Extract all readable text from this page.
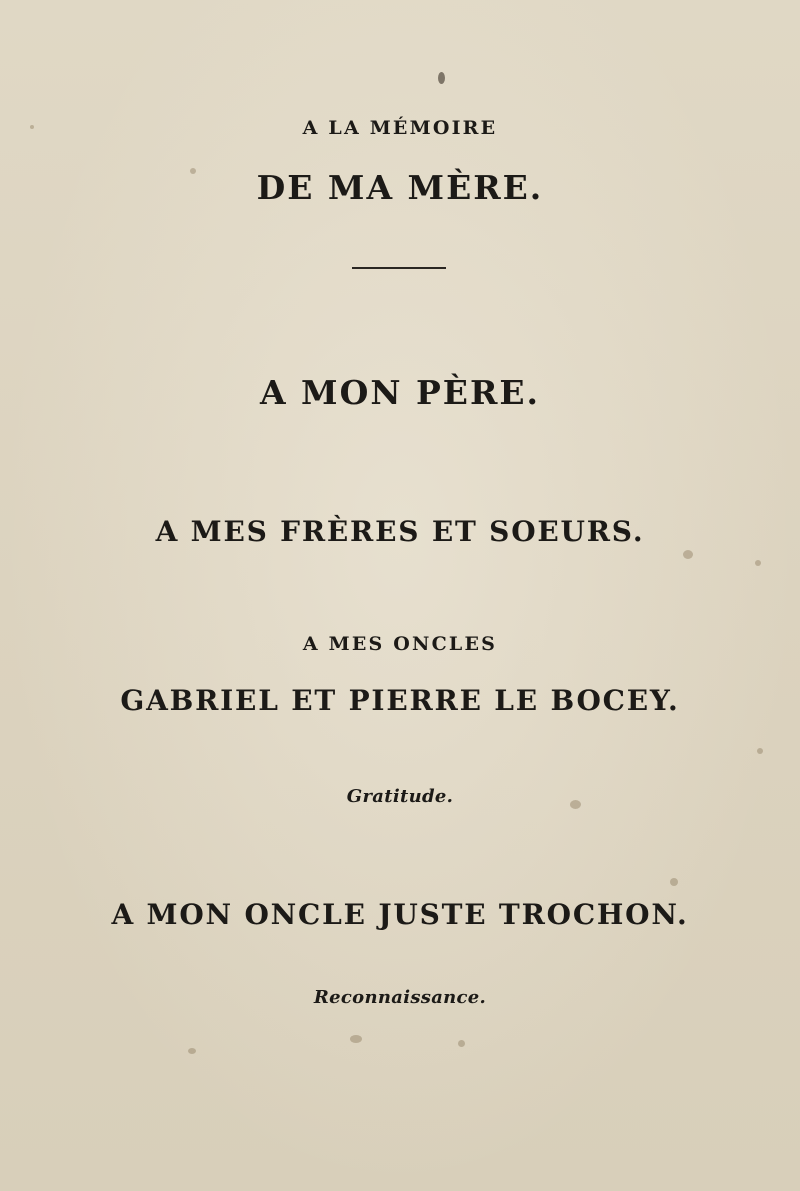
A LA MÉMOIRE
DE MA MÈRE.
A MON PÈRE.
A MES FRÈRES ET SOEURS.
A MES ONCLES
GABRIEL ET PIERRE LE BOCEY.
Gratitude.
A MON ONCLE JUSTE TROCHON.
Reconnaissance.
